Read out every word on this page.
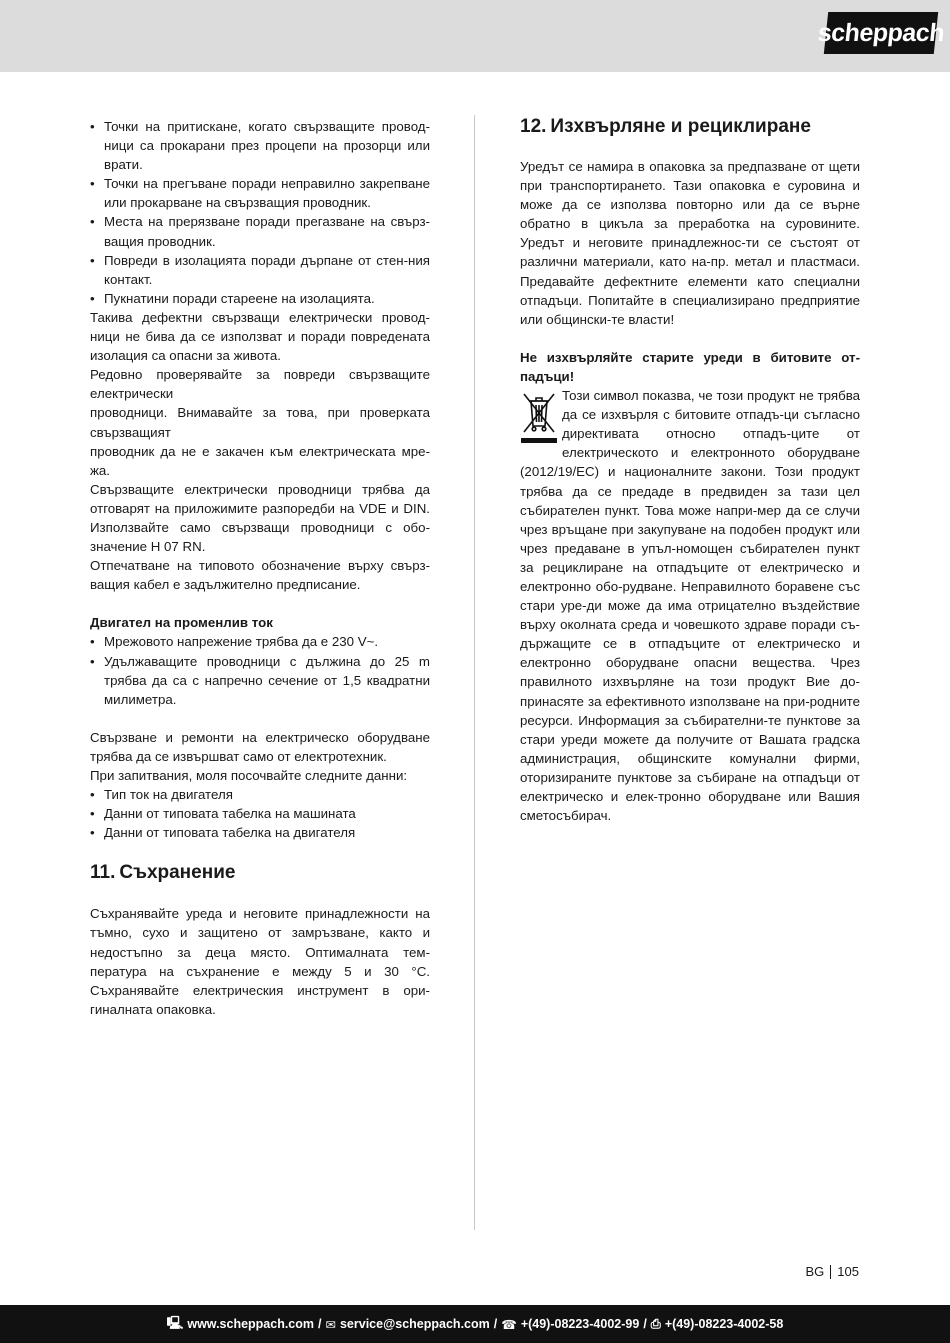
scheppach
• Точки на притискане, когато свързващите провод-ници са прокарани през процепи на прозорци или врати.
• Точки на прегъване поради неправилно закрепване или прокарване на свързващия проводник.
• Места на прерязване поради прегазване на свърз-ващия проводник.
• Повреди в изолацията поради дърпане от стен-ния контакт.
• Пукнатини поради стареене на изолацията.

Такива дефектни свързващи електрически провод-ници не бива да се използват и поради повредената изолация са опасни за живота.

Редовно проверявайте за повреди свързващите електрически

проводници. Внимавайте за това, при проверката свързващият

проводник да не е закачен към електрическата мре-жа.

Свързващите електрически проводници трябва да отговарят на приложимите разпоредби на VDE и DIN. Използвайте само свързващи проводници с обо-значение H 07 RN.

Отпечатване на типовото обозначение върху свърз-ващия кабел е задължително предписание.

Двигател на променлив ток

• Мрежовото напрежение трябва да е 230 V~.
• Удължаващите проводници с дължина до 25 m трябва да са с напречно сечение от 1,5 квадратни милиметра.

Свързване и ремонти на електрическо оборудване трябва да се извършват само от електротехник.

При запитвания, моля посочвайте следните данни:

• Тип ток на двигателя
• Данни от типовата табелка на машината
• Данни от типовата табелка на двигателя
11. Съхранение

Съхранявайте уреда и неговите принадлежности на тъмно, сухо и защитено от замръзване, както и недостъпно за деца място. Оптималната тем-пература на съхранение е между 5 и 30 °C. Съхранявайте електрическия инструмент в ори-гиналната опаковка.

12. Изхвърляне и рециклиране

Уредът се намира в опаковка за предпазване от щети при транспортирането. Тази опаковка е суровина и може да се използва повторно или да се върне обратно в цикъла за преработка на суровините. Уредът и неговите принадлежнос-ти се състоят от различни материали, като на-пр. метал и пластмаси. Предавайте дефектните елементи като специални отпадъци. Попитайте в специализирано предприятие или общински-те власти!

Не изхвърляйте старите уреди в битовите от-падъци!

Този символ показва, че този продукт не трябва да се изхвърля с битовите отпадъ-ци съгласно директивата относно отпадъ-ците от електрическото и електронното оборудване (2012/19/EC) и националните закони. Този продукт трябва да се предаде в предвиден за тази цел събирателен пункт. Това може напри-мер да се случи чрез връщане при закупуване на подобен продукт или чрез предаване в упъл-номощен събирателен пункт за рециклиране на отпадъците от електрическо и електронно обо-рудване. Неправилното боравене със стари уре-ди може да има отрицателно въздействие върху околната среда и човешкото здраве поради съ-държащите се в отпадъците от електрическо и електронно оборудване опасни вещества. Чрез правилното изхвърляне на този продукт Вие до-принасяте за ефективното използване на при-родните ресурси. Информация за събирателни-те пунктове за стари уреди можете да получите от Вашата градска администрация, общинските комунални фирми, оторизираните пунктове за събиране на отпадъци от електрическо и елек-тронно оборудване или Вашия сметосъбирач.

BG 105
🖳 www.scheppach.com / ✉ service@scheppach.com / ☎ +(49)-08223-4002-99 / ⎙ +(49)-08223-4002-58
